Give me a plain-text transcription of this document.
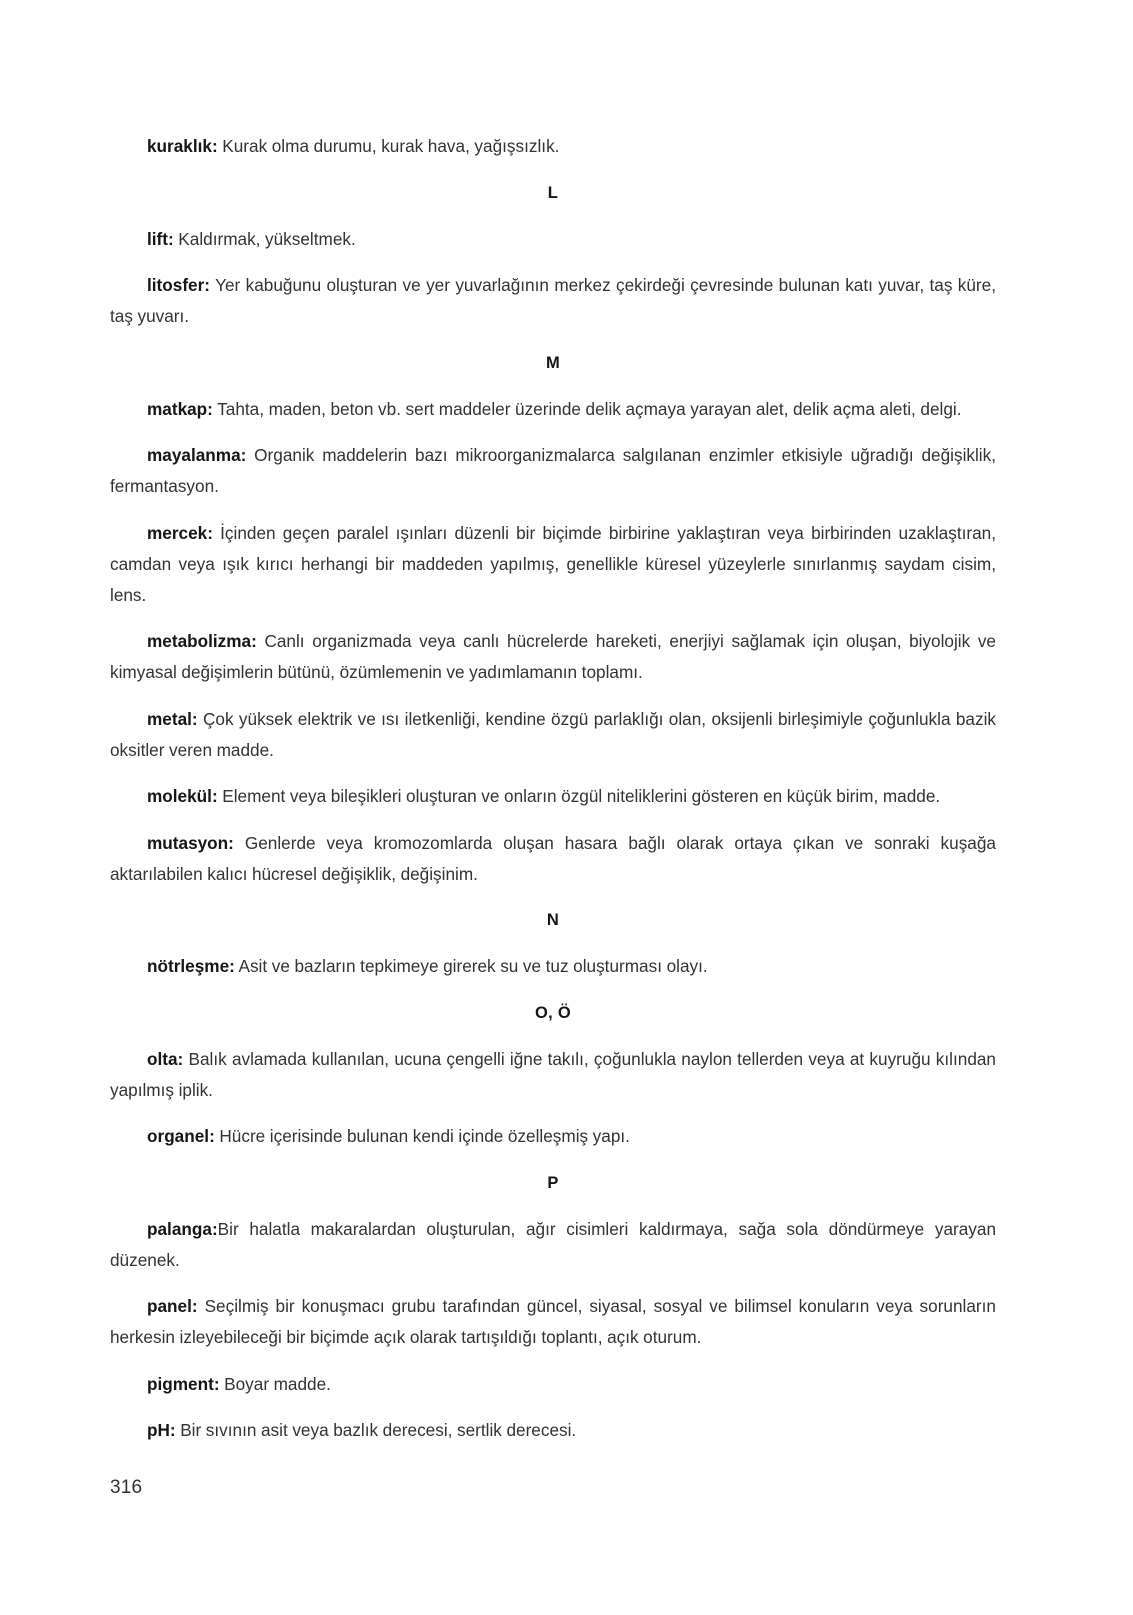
kuraklık: Kurak olma durumu, kurak hava, yağışsızlık.

L

lift: Kaldırmak, yükseltmek.

litosfer: Yer kabuğunu oluşturan ve yer yuvarlağının merkez çekirdeği çevresinde bulunan katı yuvar, taş küre, taş yuvarı.

M

matkap: Tahta, maden, beton vb. sert maddeler üzerinde delik açmaya yarayan alet, delik açma aleti, delgi.

mayalanma: Organik maddelerin bazı mikroorganizmalarca salgılanan enzimler etkisiyle uğradığı değişiklik, fermantasyon.

mercek: İçinden geçen paralel ışınları düzenli bir biçimde birbirine yaklaştıran veya birbirinden uzaklaştıran, camdan veya ışık kırıcı herhangi bir maddeden yapılmış, genellikle küresel yüzeylerle sınırlanmış saydam cisim, lens.

metabolizma: Canlı organizmada veya canlı hücrelerde hareketi, enerjiyi sağlamak için oluşan, biyolojik ve kimyasal değişimlerin bütünü, özümlemenin ve yadımlamanın toplamı.

metal: Çok yüksek elektrik ve ısı iletkenliği, kendine özgü parlaklığı olan, oksijenli birleşimiyle çoğunlukla bazik oksitler veren madde.

molekül: Element veya bileşikleri oluşturan ve onların özgül niteliklerini gösteren en küçük birim, madde.

mutasyon: Genlerde veya kromozomlarda oluşan hasara bağlı olarak ortaya çıkan ve sonraki kuşağa aktarılabilen kalıcı hücresel değişiklik, değişinim.

N

nötrleşme: Asit ve bazların tepkimeye girerek su ve tuz oluşturması olayı.

O, Ö

olta: Balık avlamada kullanılan, ucuna çengelli iğne takılı, çoğunlukla naylon tellerden veya at kuyruğu kılından yapılmış iplik.

organel: Hücre içerisinde bulunan kendi içinde özelleşmiş yapı.

P

palanga:Bir halatla makaralardan oluşturulan, ağır cisimleri kaldırmaya, sağa sola döndürmeye yarayan düzenek.

panel: Seçilmiş bir konuşmacı grubu tarafından güncel, siyasal, sosyal ve bilimsel konuların veya sorunların herkesin izleyebileceği bir biçimde açık olarak tartışıldığı toplantı, açık oturum.

pigment: Boyar madde.

pH: Bir sıvının asit veya bazlık derecesi, sertlik derecesi.

316
